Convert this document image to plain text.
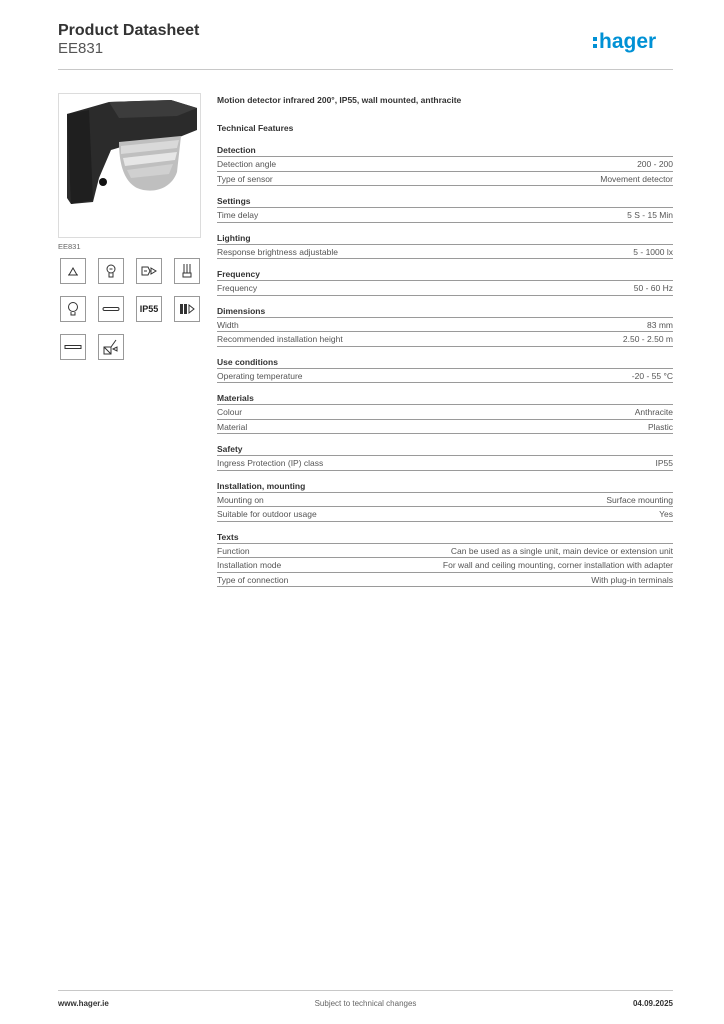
Product Datasheet
EE831	hager
EE831
IP55
Motion detector infrared 200°, IP55, wall mounted, anthracite
Technical Features
Detection
Detection angle	200 - 200
Type of sensor	Movement detector
Settings
Time delay	5 S - 15 Min
Lighting
Response brightness adjustable	5 - 1000 lx
Frequency
Frequency	50 - 60 Hz
Dimensions
Width	83 mm
Recommended installation height	2.50 - 2.50 m
Use conditions
Operating temperature	-20 - 55 °C
Materials
Colour	Anthracite
Material	Plastic
Safety
Ingress Protection (IP) class	IP55
Installation, mounting
Mounting on	Surface mounting
Suitable for outdoor usage	Yes
Texts
Function	Can be used as a single unit, main device or extension unit
Installation mode	For wall and ceiling mounting, corner installation with adapter
Type of connection	With plug-in terminals
www.hager.ie	Subject to technical changes	04.09.2025
